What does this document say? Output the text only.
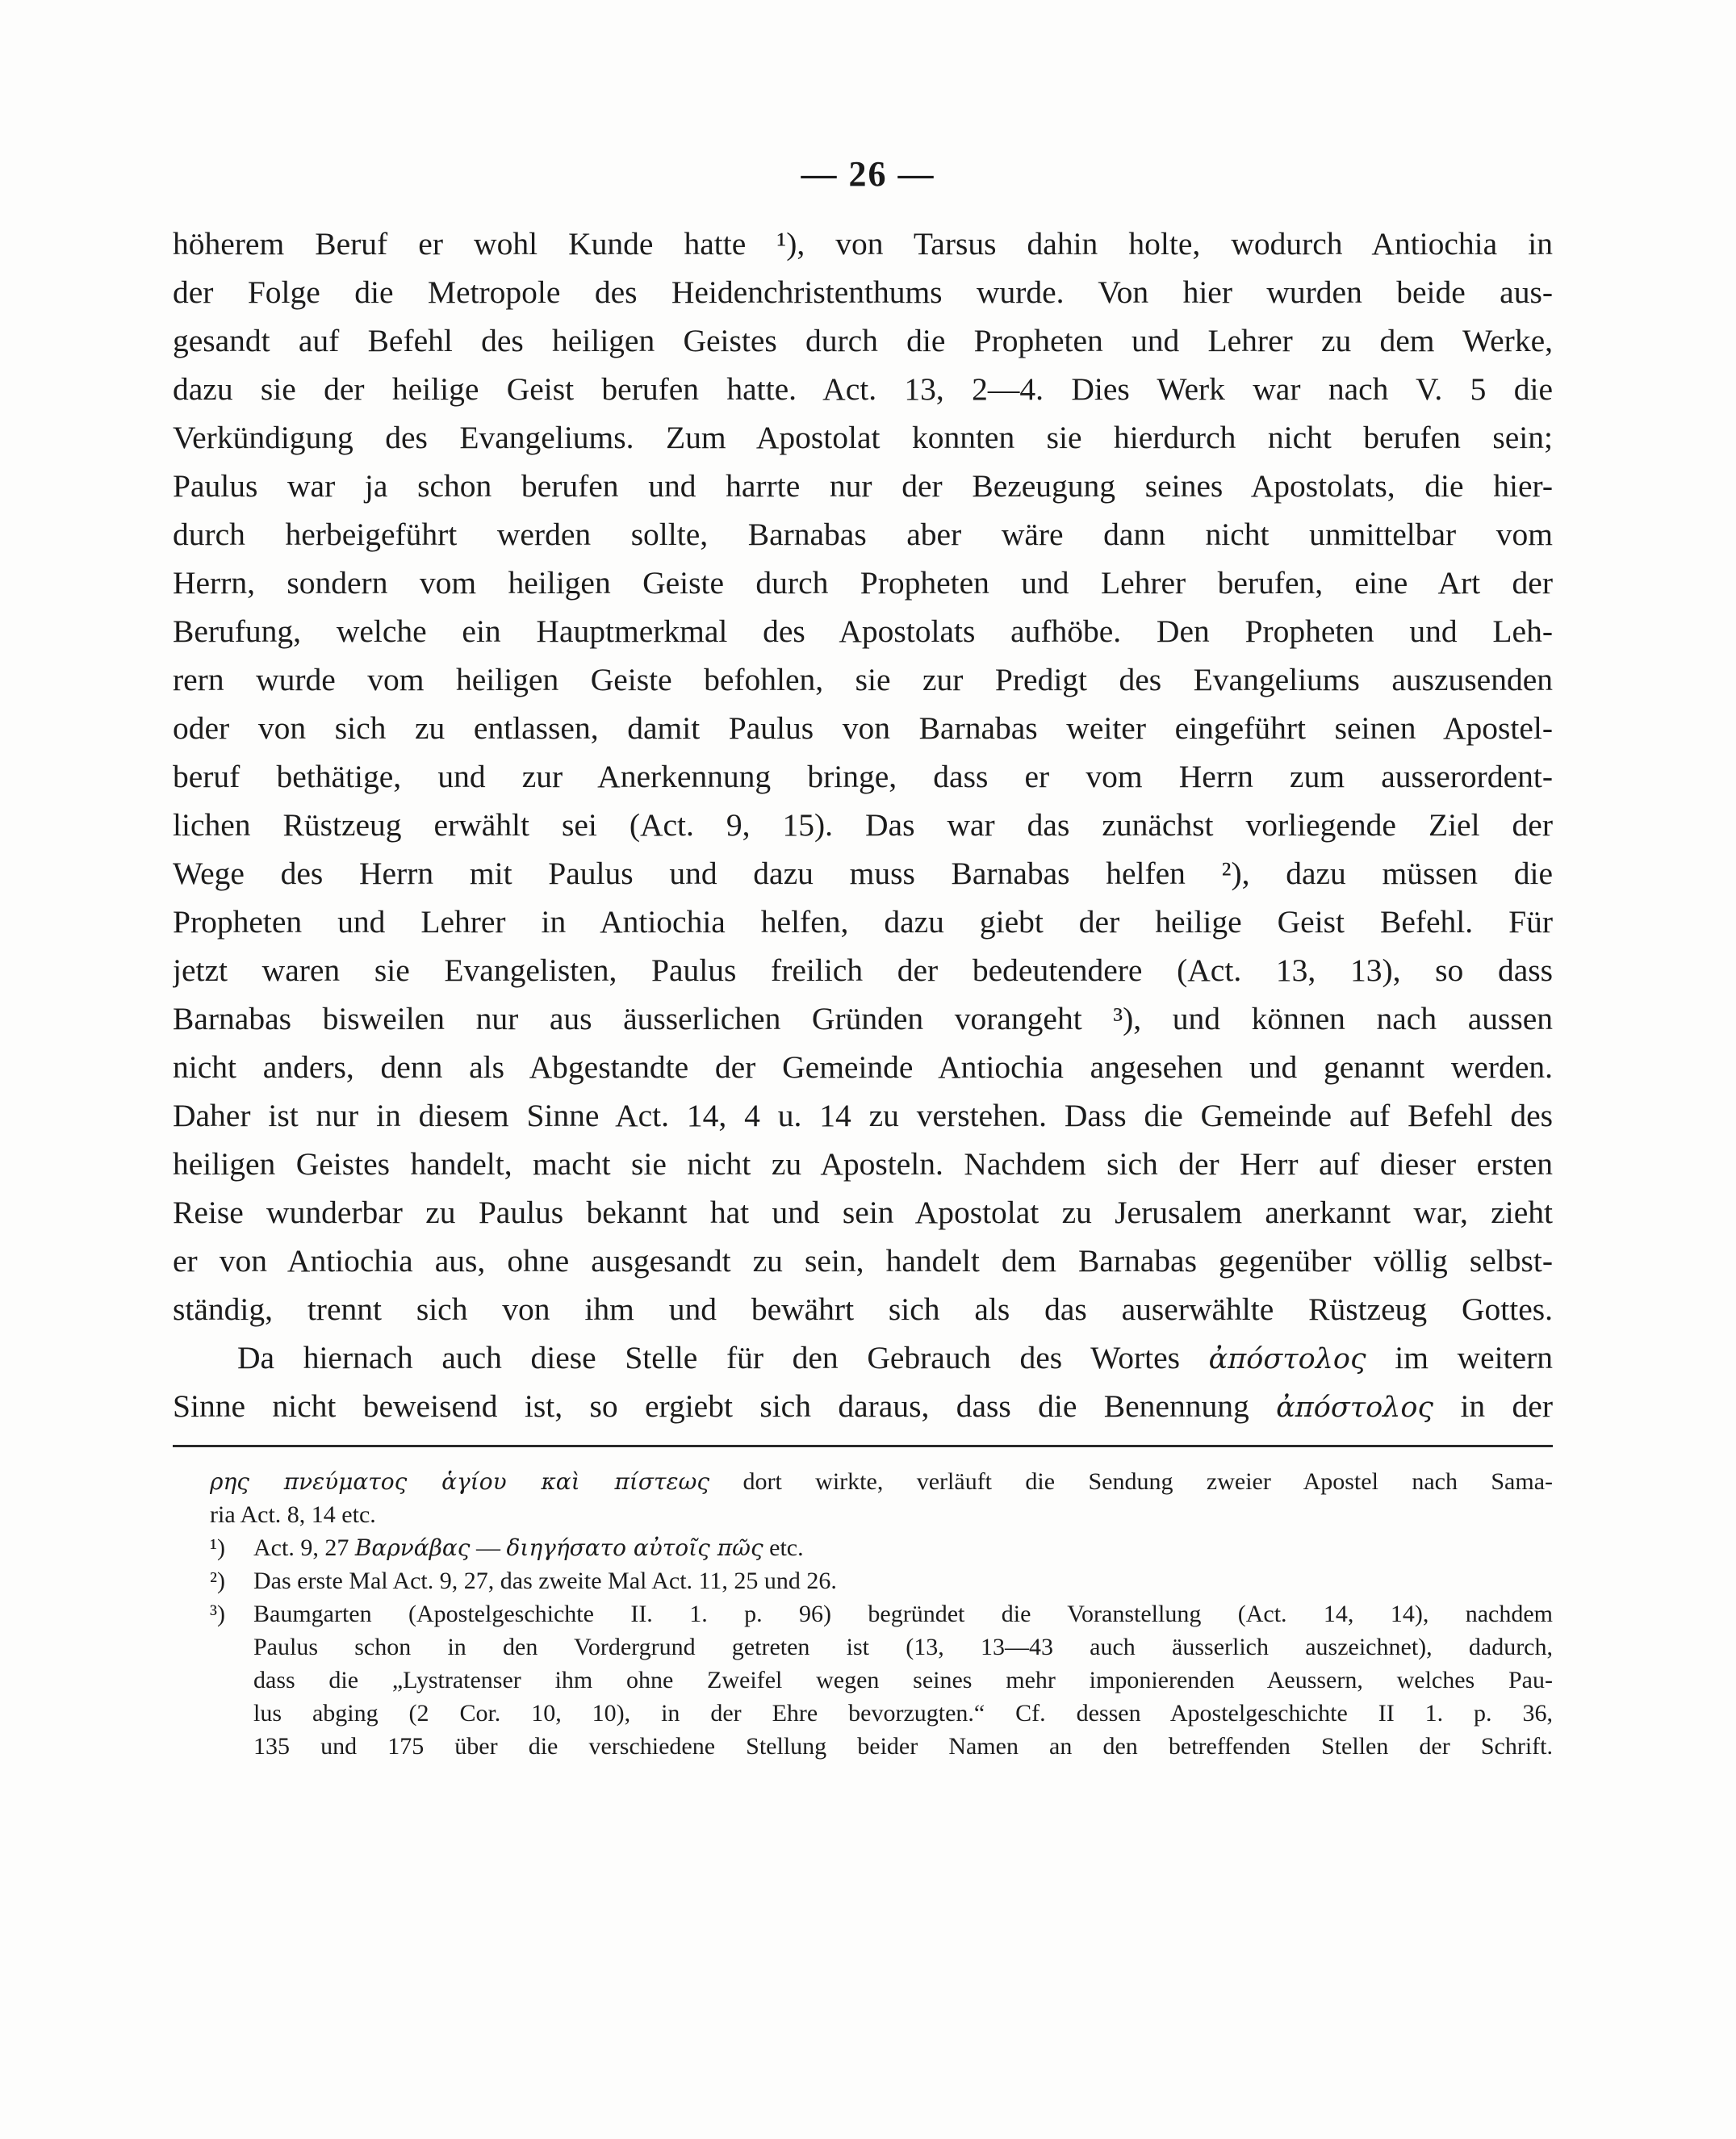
— 26 —
höherem Beruf er wohl Kunde hatte ¹), von Tarsus dahin holte, wodurch Antiochia in
der Folge die Metropole des Heidenchristenthums wurde. Von hier wurden beide aus-
gesandt auf Befehl des heiligen Geistes durch die Propheten und Lehrer zu dem Werke,
dazu sie der heilige Geist berufen hatte. Act. 13, 2—4. Dies Werk war nach V. 5 die
Verkündigung des Evangeliums. Zum Apostolat konnten sie hierdurch nicht berufen sein;
Paulus war ja schon berufen und harrte nur der Bezeugung seines Apostolats, die hier-
durch herbeigeführt werden sollte, Barnabas aber wäre dann nicht unmittelbar vom
Herrn, sondern vom heiligen Geiste durch Propheten und Lehrer berufen, eine Art der
Berufung, welche ein Hauptmerkmal des Apostolats aufhöbe. Den Propheten und Leh-
rern wurde vom heiligen Geiste befohlen, sie zur Predigt des Evangeliums auszusenden
oder von sich zu entlassen, damit Paulus von Barnabas weiter eingeführt seinen Apostel-
beruf bethätige, und zur Anerkennung bringe, dass er vom Herrn zum ausserordent-
lichen Rüstzeug erwählt sei (Act. 9, 15). Das war das zunächst vorliegende Ziel der
Wege des Herrn mit Paulus und dazu muss Barnabas helfen ²), dazu müssen die
Propheten und Lehrer in Antiochia helfen, dazu giebt der heilige Geist Befehl. Für
jetzt waren sie Evangelisten, Paulus freilich der bedeutendere (Act. 13, 13), so dass
Barnabas bisweilen nur aus äusserlichen Gründen vorangeht ³), und können nach aussen
nicht anders, denn als Abgestandte der Gemeinde Antiochia angesehen und genannt werden.
Daher ist nur in diesem Sinne Act. 14, 4 u. 14 zu verstehen. Dass die Gemeinde auf Befehl des
heiligen Geistes handelt, macht sie nicht zu Aposteln. Nachdem sich der Herr auf dieser ersten
Reise wunderbar zu Paulus bekannt hat und sein Apostolat zu Jerusalem anerkannt war, zieht
er von Antiochia aus, ohne ausgesandt zu sein, handelt dem Barnabas gegenüber völlig selbst-
ständig, trennt sich von ihm und bewährt sich als das auserwählte Rüstzeug Gottes.
Da hiernach auch diese Stelle für den Gebrauch des Wortes ἀπόστολος im weitern
Sinne nicht beweisend ist, so ergiebt sich daraus, dass die Benennung ἀπόστολος in der
ρης πνεύματος ἁγίου καὶ πίστεως dort wirkte, verläuft die Sendung zweier Apostel nach Sama-
ria Act. 8, 14 etc.
¹) Act. 9, 27 Βαρνάβας — διηγήσατο αὐτοῖς πῶς etc.
²) Das erste Mal Act. 9, 27, das zweite Mal Act. 11, 25 und 26.
³) Baumgarten (Apostelgeschichte II. 1. p. 96) begründet die Voranstellung (Act. 14, 14), nachdem
Paulus schon in den Vordergrund getreten ist (13, 13—43 auch äusserlich auszeichnet), dadurch,
dass die „Lystratenser ihm ohne Zweifel wegen seines mehr imponierenden Aeussern, welches Pau-
lus abging (2 Cor. 10, 10), in der Ehre bevorzugten.“ Cf. dessen Apostelgeschichte II 1. p. 36,
135 und 175 über die verschiedene Stellung beider Namen an den betreffenden Stellen der Schrift.
